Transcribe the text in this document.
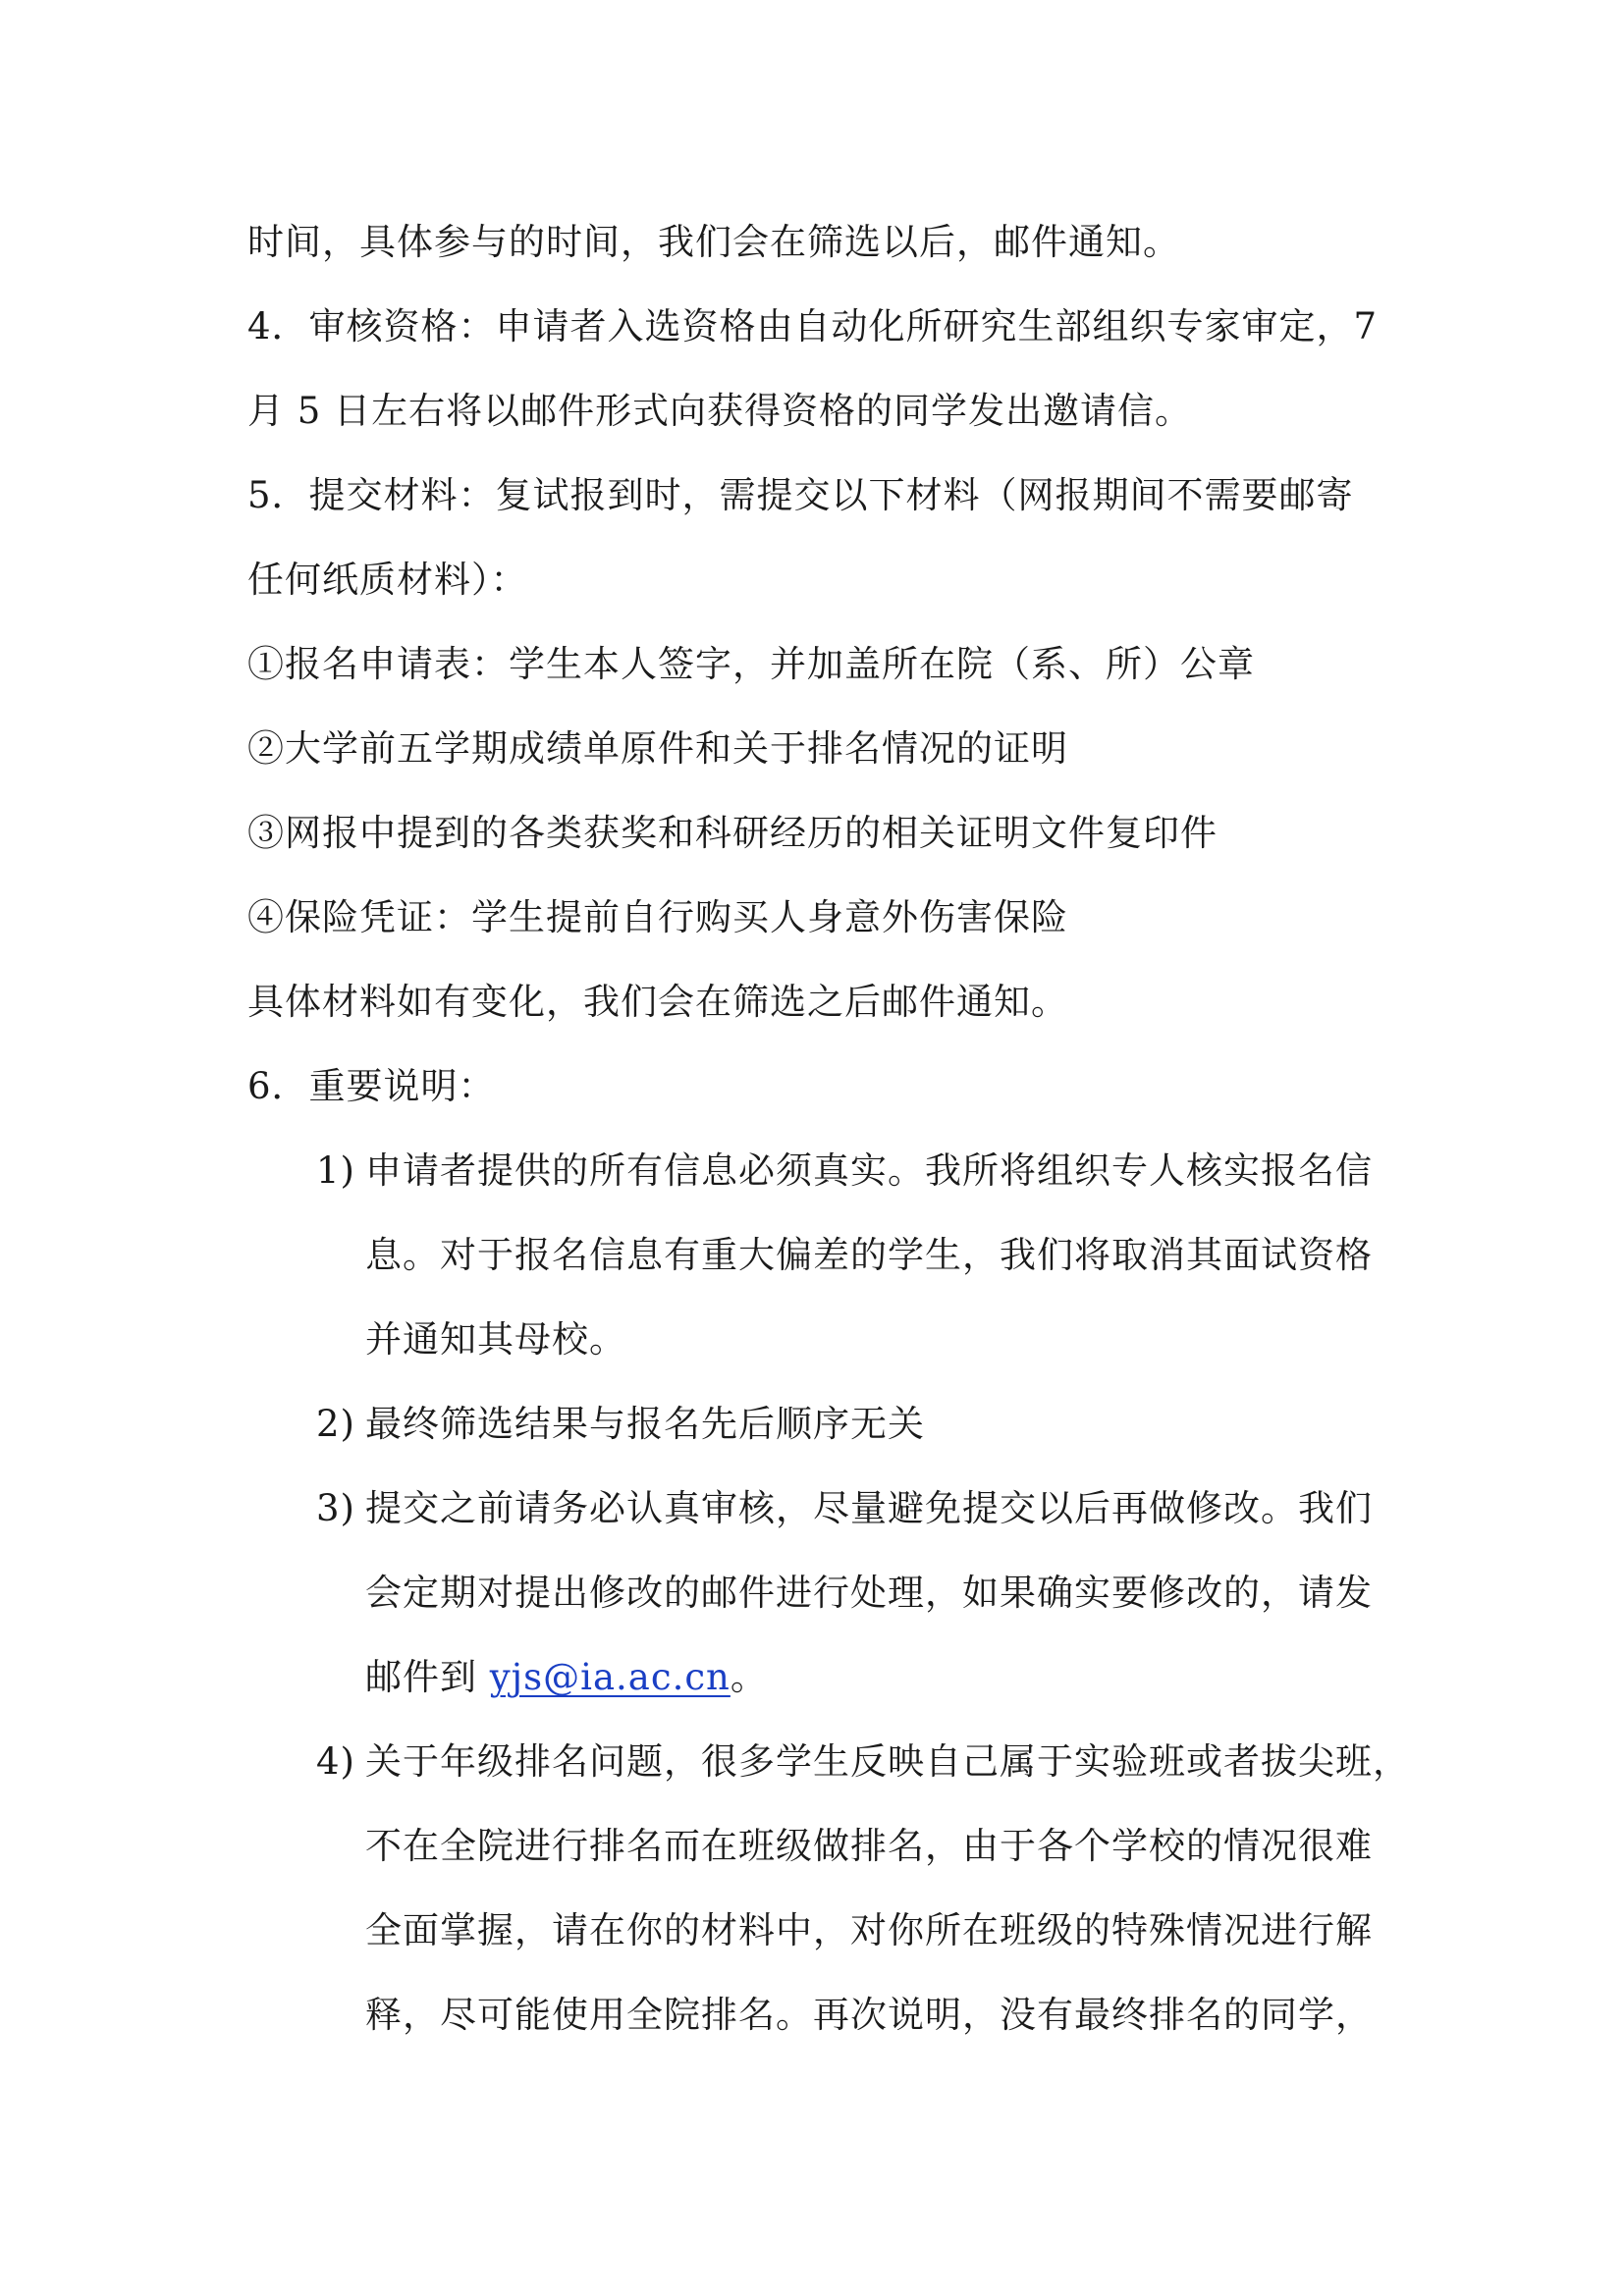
时间，具体参与的时间，我们会在筛选以后，邮件通知。

4．审核资格：申请者入选资格由自动化所研究生部组织专家审定，7

月 5 日左右将以邮件形式向获得资格的同学发出邀请信。

5．提交材料：复试报到时，需提交以下材料（网报期间不需要邮寄

任何纸质材料）：

①报名申请表：学生本人签字，并加盖所在院（系、所）公章

②大学前五学期成绩单原件和关于排名情况的证明

③网报中提到的各类获奖和科研经历的相关证明文件复印件

④保险凭证：学生提前自行购买人身意外伤害保险

具体材料如有变化，我们会在筛选之后邮件通知。

6．重要说明：

1) 申请者提供的所有信息必须真实。我所将组织专人核实报名信

息。对于报名信息有重大偏差的学生，我们将取消其面试资格

并通知其母校。

2) 最终筛选结果与报名先后顺序无关

3) 提交之前请务必认真审核，尽量避免提交以后再做修改。我们

会定期对提出修改的邮件进行处理，如果确实要修改的，请发

邮件到 yjs@ia.ac.cn。

4) 关于年级排名问题，很多学生反映自己属于实验班或者拔尖班，

不在全院进行排名而在班级做排名，由于各个学校的情况很难

全面掌握，请在你的材料中，对你所在班级的特殊情况进行解

释，尽可能使用全院排名。再次说明，没有最终排名的同学，
